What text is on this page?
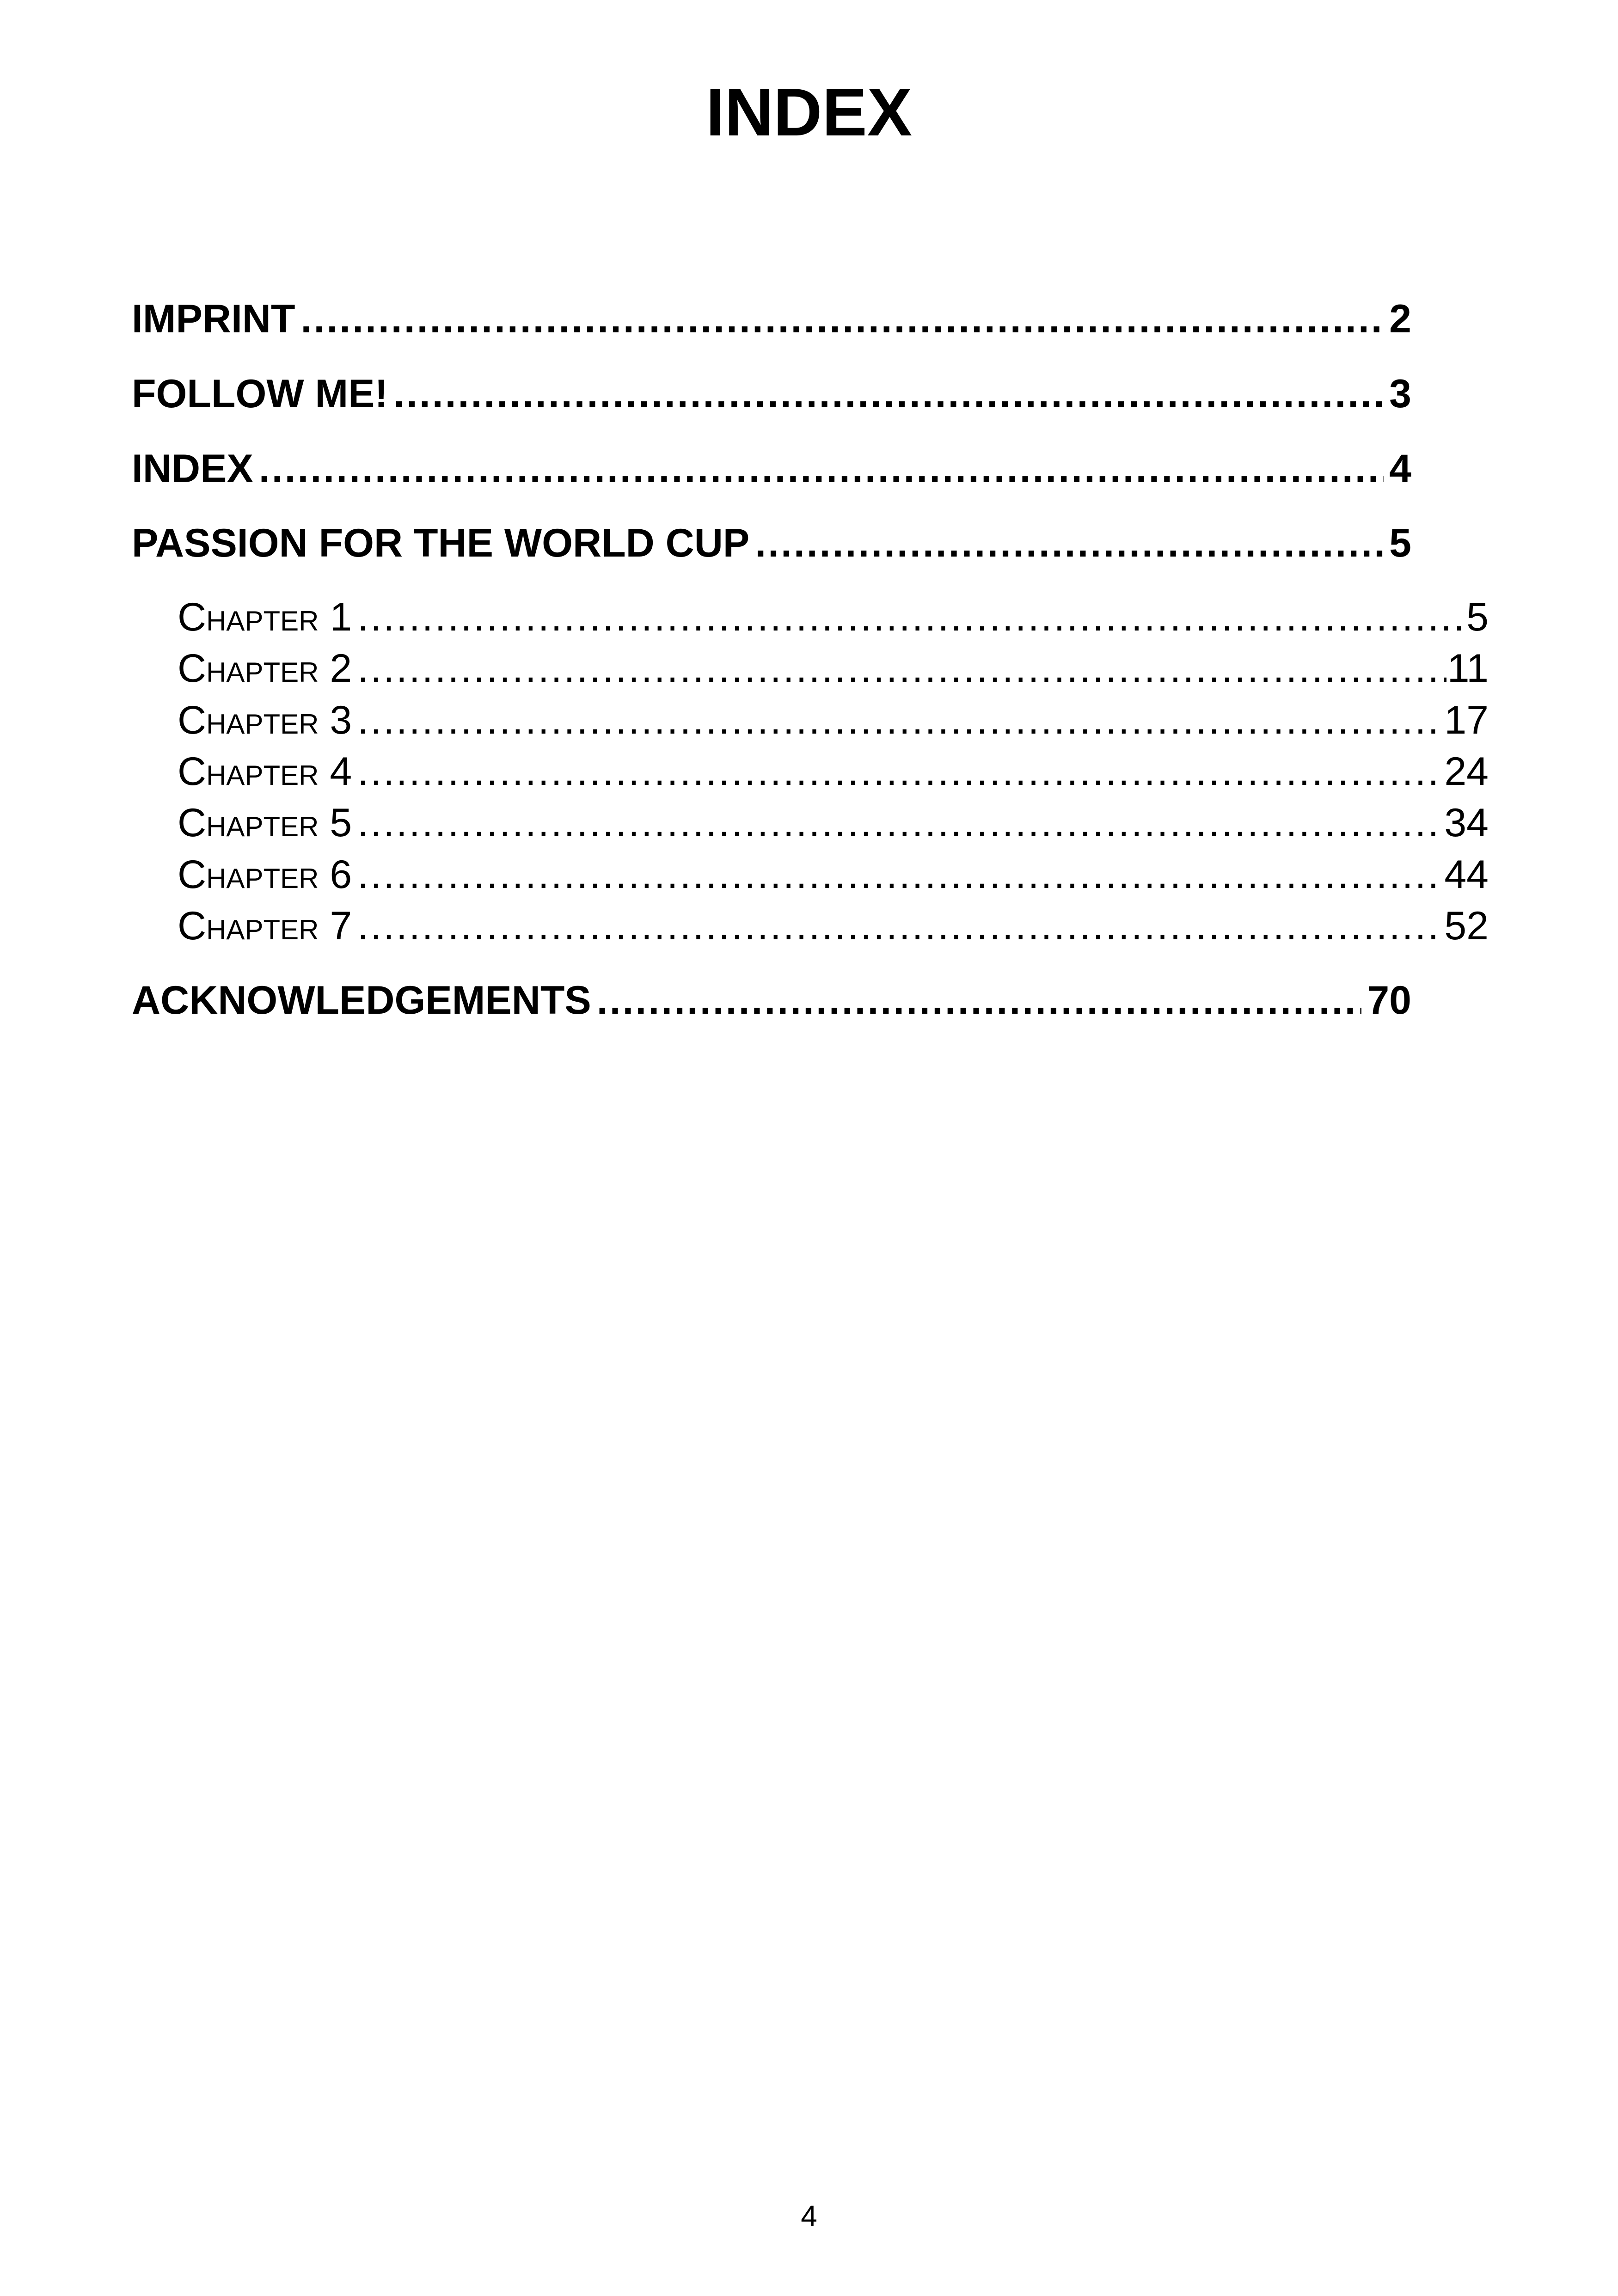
INDEX
IMPRINT .....	2
FOLLOW ME! .....	3
INDEX .....	4
PASSION FOR THE WORLD CUP .....	5
Chapter 1 .....	5
Chapter 2 .....	11
Chapter 3 .....	17
Chapter 4 .....	24
Chapter 5 .....	34
Chapter 6 .....	44
Chapter 7 .....	52
ACKNOWLEDGEMENTS .....	70
4
